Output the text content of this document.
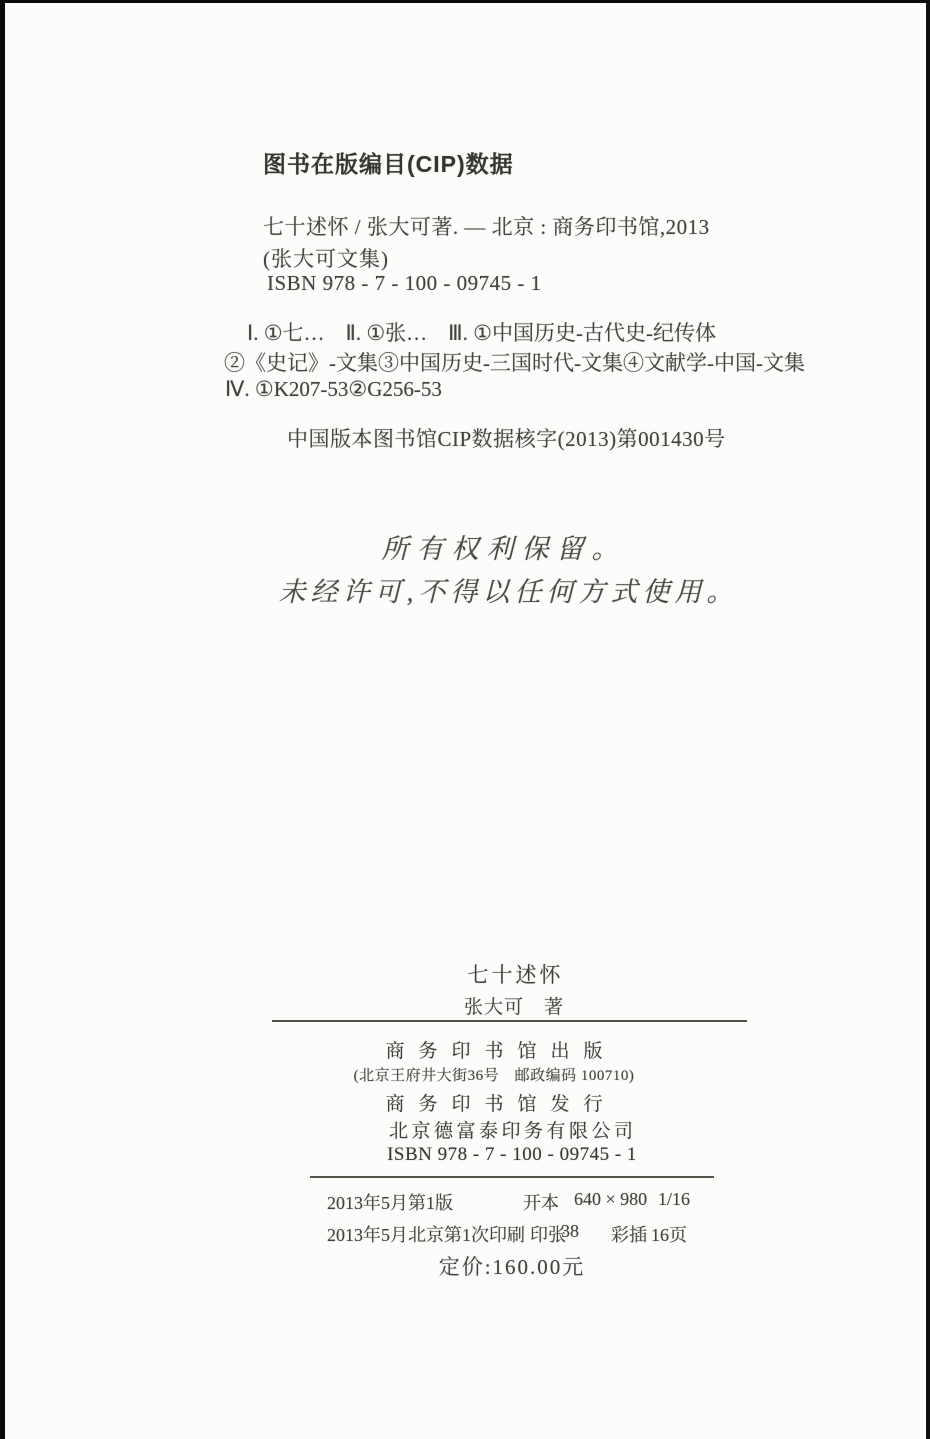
图书在版编目(CIP)数据
七十述怀 / 张大可著. — 北京 : 商务印书馆,2013
(张大可文集)
ISBN 978 - 7 - 100 - 09745 - 1
Ⅰ. ①七…　Ⅱ. ①张…　Ⅲ. ①中国历史-古代史-纪传体
②《史记》-文集③中国历史-三国时代-文集④文献学-中国-文集
Ⅳ. ①K207-53②G256-53
中国版本图书馆CIP数据核字(2013)第001430号
所有权利保留。
未经许可,不得以任何方式使用。
七十述怀
张大可　著
商务印书馆出版
(北京王府井大街36号　邮政编码 100710)
商务印书馆发行
北京德富泰印务有限公司
ISBN 978 - 7 - 100 - 09745 - 1
2013年5月第1版	开本 640 × 980 1/16
2013年5月北京第1次印刷 印张
38 彩插 16页
定价:160.00元
